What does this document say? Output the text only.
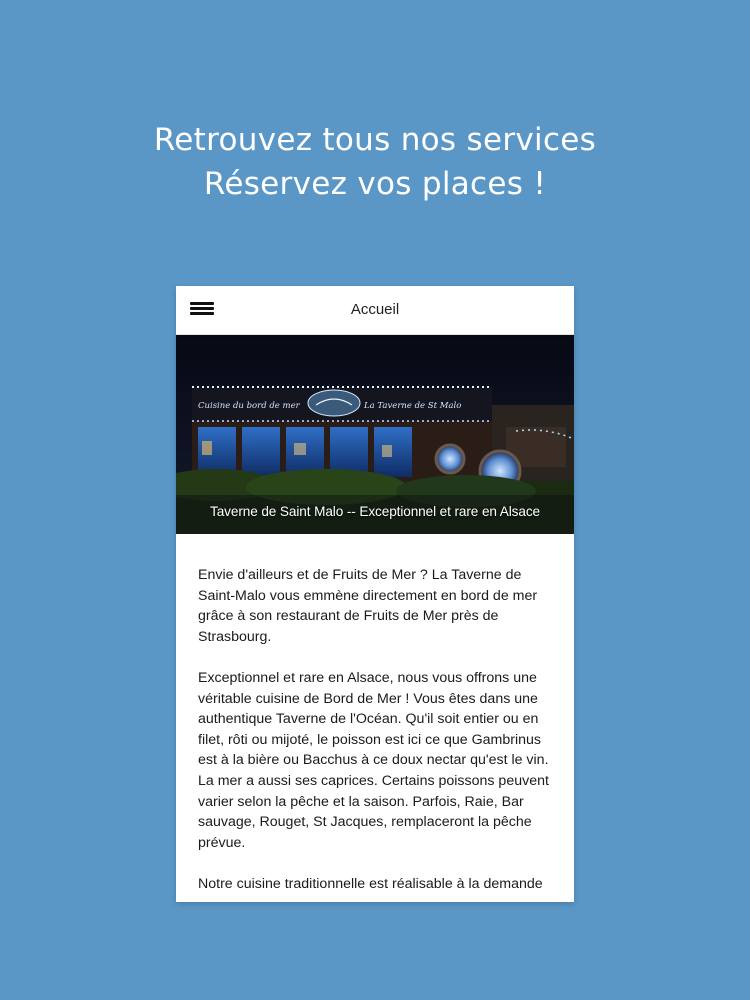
Retrouvez tous nos services
Réservez vos places !
Accueil
Cuisine du bord de mer	La Taverne de St Malo
Taverne de Saint Malo -- Exceptionnel et rare en Alsace

Envie d'ailleurs et de Fruits de Mer ? La Taverne de Saint-Malo vous emmène directement en bord de mer grâce à son restaurant de Fruits de Mer près de Strasbourg.

Exceptionnel et rare en Alsace, nous vous offrons une véritable cuisine de Bord de Mer ! Vous êtes dans une authentique Taverne de l'Océan. Qu'il soit entier ou en filet, rôti ou mijoté, le poisson est ici ce que Gambrinus est à la bière ou Bacchus à ce doux nectar qu'est le vin.

La mer a aussi ses caprices. Certains poissons peuvent varier selon la pêche et la saison. Parfois, Raie, Bar sauvage, Rouget, St Jacques, remplaceront la pêche prévue.

Notre cuisine traditionnelle est réalisable à la demande
